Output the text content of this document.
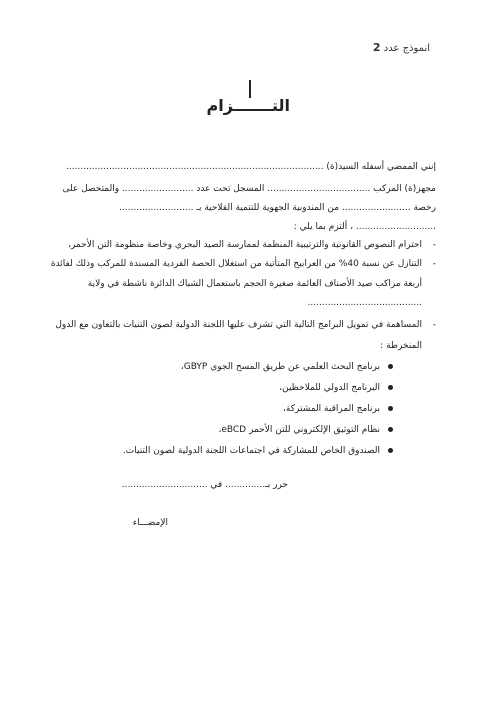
انموذج عدد 2
التـــــــزام
إنني الممضي أسفله السيد(ة) ..........................................................................................
مجهز(ة) المركب .................................... المسجل تحت عدد ......................... والمتحصل على
رخصة ........................ من المندوبية الجهوية للتنمية الفلاحية بـ ..........................
............................ ، ألتزم بما يلي :
-
احترام النصوص القانونية والترتيبية المنظمة لممارسة الصيد البحري وخاصة منظومة التن الأحمر،
-
التنازل عن نسبة 40% من العرابيح المتأتية من استغلال الحصة الفردية المسندة للمركب وذلك لفائدة
أربعة مراكب صيد الأصناف العائمة صغيرة الحجم باستعمال الشباك الدائرة ناشطة في ولاية
........................................
-
المساهمة في تمويل البرامج التالية التي تشرف عليها اللجنة الدولية لصون التنيات بالتعاون مع الدول
المنخرطة :
برنامج البحث العلمي عن طريق المسح الجوي GBYP،
البرنامج الدولي للملاحظين،
برنامج المراقبة المشتركة،
نظام التوثيق الإلكتروني للتن الأحمر eBCD،
الصندوق الخاص للمشاركة في اجتماعات اللجنة الدولية لصون التنيات.
حرر بـ.............. في ..............................
الإمضـــاء
